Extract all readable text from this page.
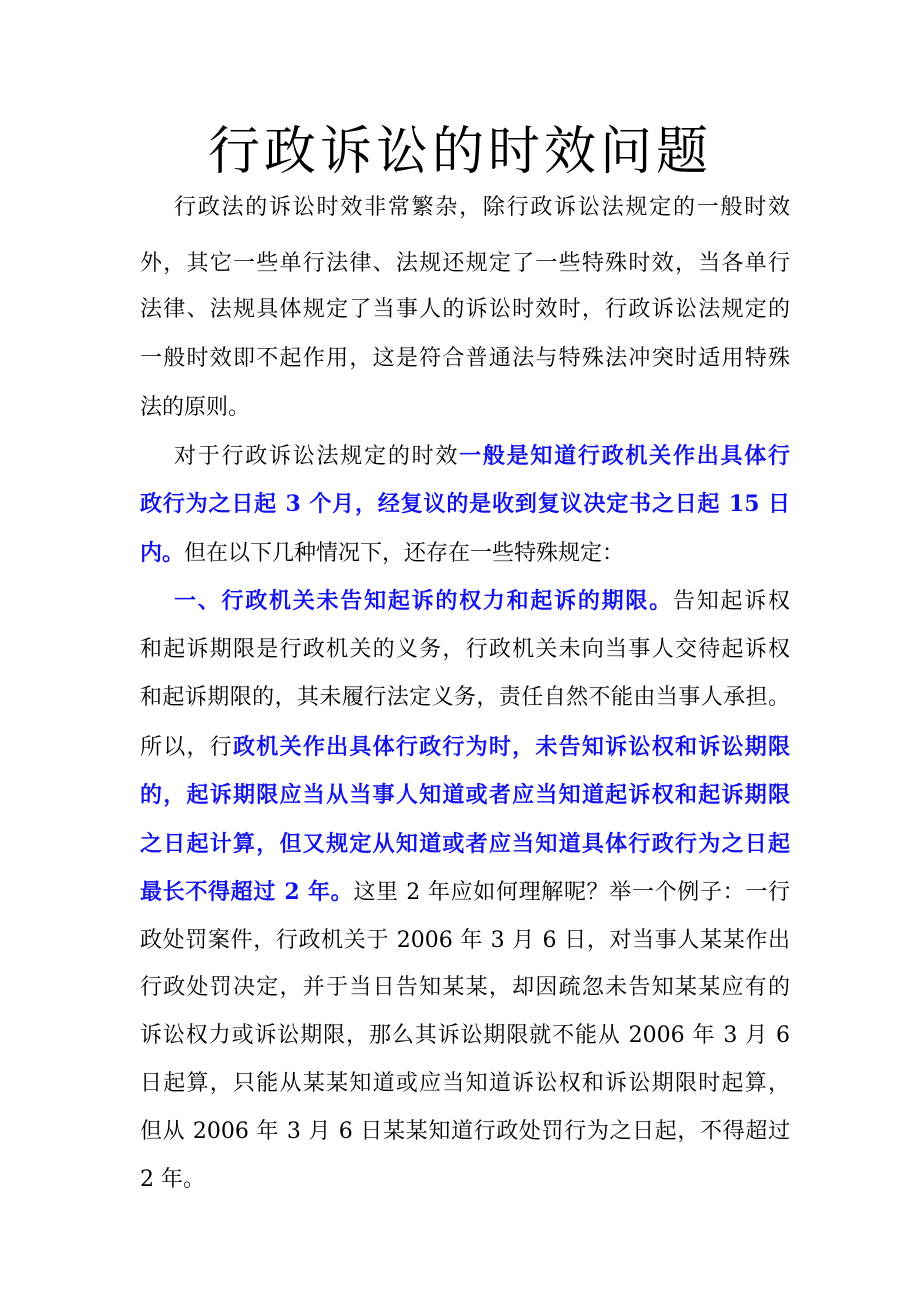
行政诉讼的时效问题
行政法的诉讼时效非常繁杂，除行政诉讼法规定的一般时效
外，其它一些单行法律、法规还规定了一些特殊时效，当各单行
法律、法规具体规定了当事人的诉讼时效时，行政诉讼法规定的
一般时效即不起作用，这是符合普通法与特殊法冲突时适用特殊
法的原则。
对于行政诉讼法规定的时效一般是知道行政机关作出具体行
政行为之日起 3 个月，经复议的是收到复议决定书之日起 15 日
内。但在以下几种情况下，还存在一些特殊规定：
一、行政机关未告知起诉的权力和起诉的期限。告知起诉权
和起诉期限是行政机关的义务，行政机关未向当事人交待起诉权
和起诉期限的，其未履行法定义务，责任自然不能由当事人承担。
所以，行政机关作出具体行政行为时，未告知诉讼权和诉讼期限
的，起诉期限应当从当事人知道或者应当知道起诉权和起诉期限
之日起计算，但又规定从知道或者应当知道具体行政行为之日起
最长不得超过 2 年。这里 2 年应如何理解呢？举一个例子：一行
政处罚案件，行政机关于 2006 年 3 月 6 日，对当事人某某作出
行政处罚决定，并于当日告知某某，却因疏忽未告知某某应有的
诉讼权力或诉讼期限，那么其诉讼期限就不能从 2006 年 3 月 6
日起算，只能从某某知道或应当知道诉讼权和诉讼期限时起算，
但从 2006 年 3 月 6 日某某知道行政处罚行为之日起，不得超过
2 年。
